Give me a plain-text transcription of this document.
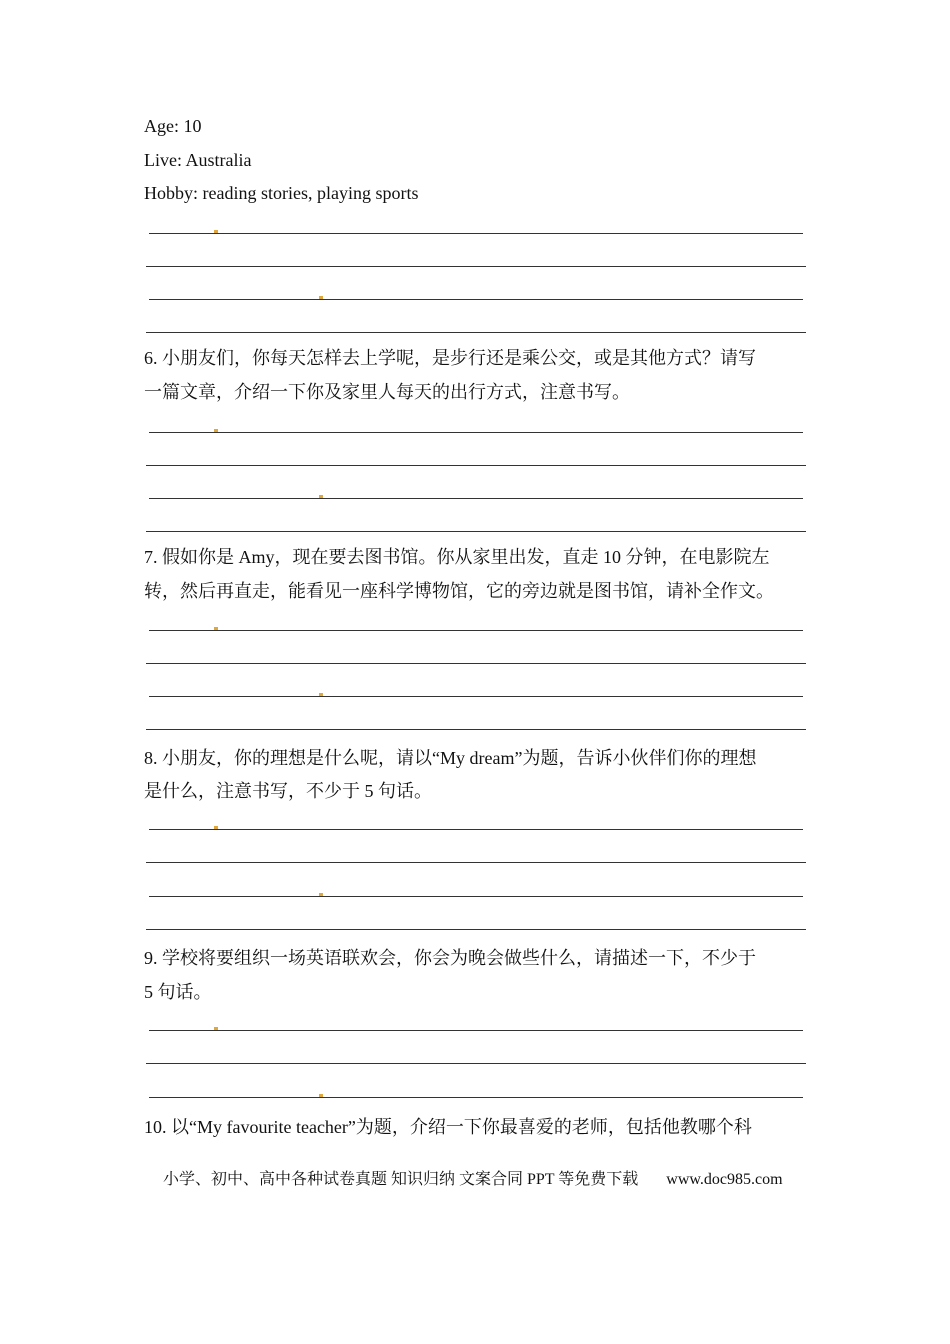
Age: 10
Live: Australia
Hobby: reading stories, playing sports
6. 小朋友们，你每天怎样去上学呢，是步行还是乘公交，或是其他方式？请写
一篇文章，介绍一下你及家里人每天的出行方式，注意书写。
7. 假如你是 Amy，现在要去图书馆。你从家里出发，直走 10 分钟，在电影院左
转，然后再直走，能看见一座科学博物馆，它的旁边就是图书馆，请补全作文。
8. 小朋友，你的理想是什么呢，请以“My dream”为题，告诉小伙伴们你的理想
是什么，注意书写，不少于 5 句话。
9. 学校将要组织一场英语联欢会，你会为晚会做些什么，请描述一下，不少于
5 句话。
10. 以“My favourite teacher”为题，介绍一下你最喜爱的老师，包括他教哪个科
小学、初中、高中各种试卷真题 知识归纳 文案合同 PPT 等免费下载 www.doc985.com
